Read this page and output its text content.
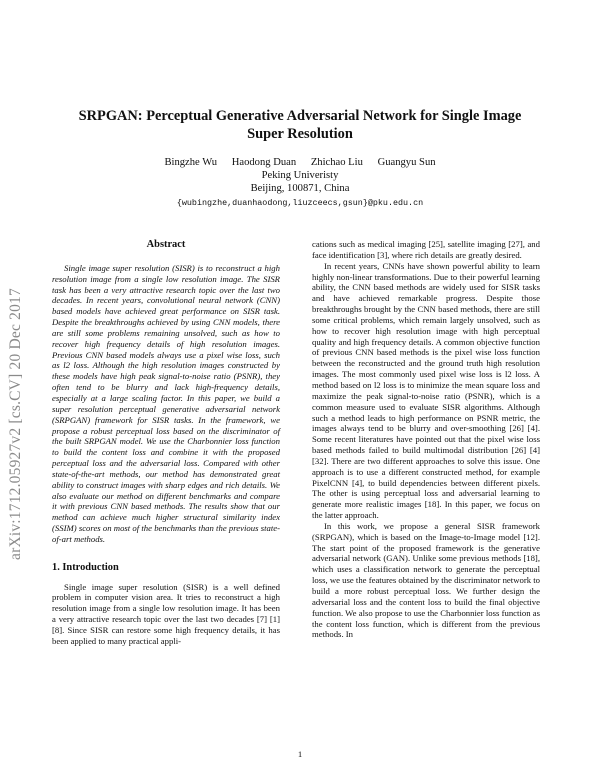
arXiv:1712.05927v2 [cs.CV] 20 Dec 2017
SRPGAN: Perceptual Generative Adversarial Network for Single Image
Super Resolution
Bingzhe Wu Haodong Duan Zhichao Liu Guangyu Sun
Peking Univeristy
Beijing, 100871, China
{wubingzhe,duanhaodong,liuzceecs,gsun}@pku.edu.cn
Abstract

Single image super resolution (SISR) is to reconstruct a high resolution image from a single low resolution image. The SISR task has been a very attractive research topic over the last two decades. In recent years, convolutional neural network (CNN) based models have achieved great performance on SISR task. Despite the breakthroughs achieved by using CNN models, there are still some problems remaining unsolved, such as how to recover high frequency details of high resolution images. Previous CNN based models always use a pixel wise loss, such as l2 loss. Although the high resolution images constructed by these models have high peak signal-to-noise ratio (PSNR), they often tend to be blurry and lack high-frequency details, especially at a large scaling factor. In this paper, we build a super resolution perceptual generative adversarial network (SRPGAN) framework for SISR tasks. In the framework, we propose a robust perceptual loss based on the discriminator of the built SRPGAN model. We use the Charbonnier loss function to build the content loss and combine it with the proposed perceptual loss and the adversarial loss. Compared with other state-of-the-art methods, our method has demonstrated great ability to construct images with sharp edges and rich details. We also evaluate our method on different benchmarks and compare it with previous CNN based methods. The results show that our method can achieve much higher structural similarity index (SSIM) scores on most of the benchmarks than the previous state-of-art methods.

1. Introduction

Single image super resolution (SISR) is a well defined problem in computer vision area. It tries to reconstruct a high resolution image from a single low resolution image. It has been a very attractive research topic over the last two decades [7] [1] [8]. Since SISR can restore some high frequency details, it has been applied to many practical appli-

cations such as medical imaging [25], satellite imaging [27], and face identification [3], where rich details are greatly desired.

In recent years, CNNs have shown powerful ability to learn highly non-linear transformations. Due to their powerful learning ability, the CNN based methods are widely used for SISR tasks and have achieved remarkable progress. Despite those breakthroughs brought by the CNN based methods, there are still some critical problems, which remain largely unsolved, such as how to recover high resolution image with high perceptual quality and high frequency details. A common objective function of previous CNN based methods is the pixel wise loss function between the reconstructed and the ground truth high resolution images. The most commonly used pixel wise loss is l2 loss. A method based on l2 loss is to minimize the mean square loss and maximize the peak signal-to-noise ratio (PSNR), which is a common measure used to evaluate SISR algorithms. Although such a method leads to high performance on PSNR metric, the images always tend to be blurry and over-smoothing [26] [4]. Some recent literatures have pointed out that the pixel wise loss based methods failed to build multimodal distribution [26] [4] [32]. There are two different approaches to solve this issue. One approach is to use a different constructed method, for example PixelCNN [4], to build dependencies between different pixels. The other is using perceptual loss and adversarial learning to generate more realistic images [18]. In this paper, we focus on the latter approach.

In this work, we propose a general SISR framework (SRPGAN), which is based on the Image-to-Image model [12]. The start point of the proposed framework is the generative adversarial network (GAN). Unlike some previous methods [18], which uses a classification network to generate the perceptual loss, we use the features obtained by the discriminator network to build a more robust perceptual loss. We further design the adversarial loss and the content loss to build the final objective function. We also propose to use the Charbonnier loss function as the content loss function, which is different from the previous methods. In

1
